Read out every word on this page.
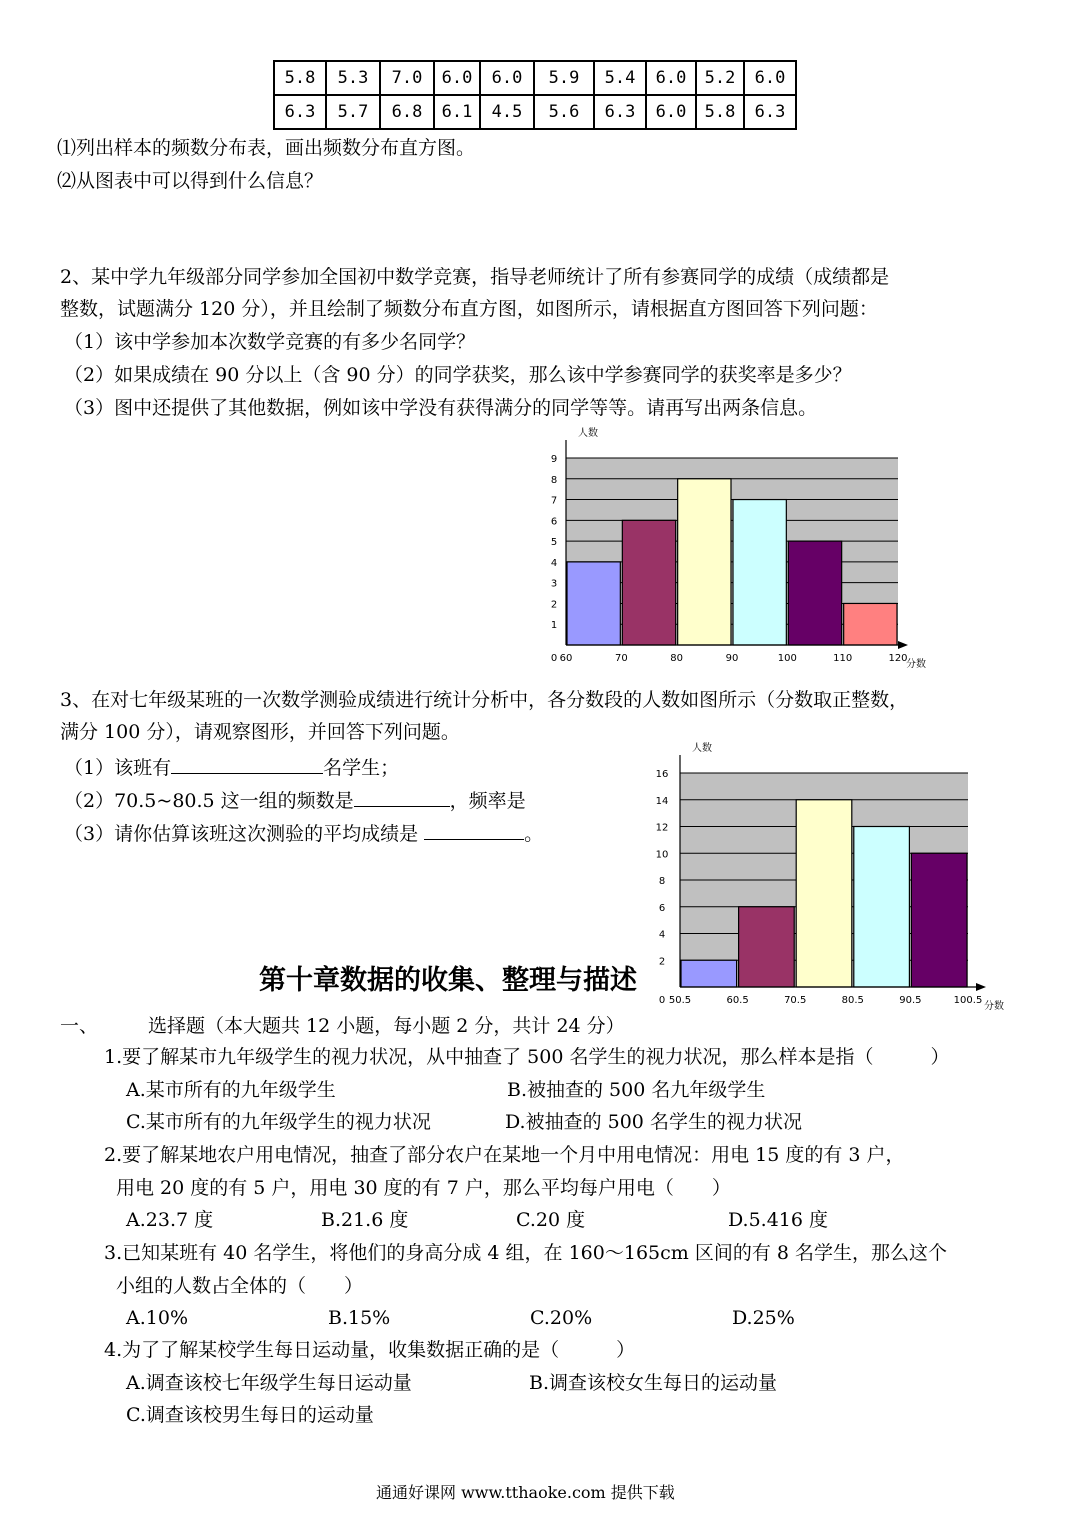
5.8	5.3	7.0	6.0	6.0	5.9	5.4	6.0	5.2	6.0
6.3	5.7	6.8	6.1	4.5	5.6	6.3	6.0	5.8	6.3
⑴列出样本的频数分布表，画出频数分布直方图。
⑵从图表中可以得到什么信息？
2、某中学九年级部分同学参加全国初中数学竞赛，指导老师统计了所有参赛同学的成绩（成绩都是
整数，试题满分 120 分），并且绘制了频数分布直方图，如图所示，请根据直方图回答下列问题：
（1）该中学参加本次数学竞赛的有多少名同学？
（2）如果成绩在 90 分以上（含 90 分）的同学获奖，那么该中学参赛同学的获奖率是多少？
（3）图中还提供了其他数据，例如该中学没有获得满分的同学等等。请再写出两条信息。
0
1
2
3
4
5
6
7
8
9
60	70	80	90	100	110	120
人数
分数
3、在对七年级某班的一次数学测验成绩进行统计分析中，各分数段的人数如图所示（分数取正整数，
满分 100 分），请观察图形，并回答下列问题。
（1）该班有	名学生；
（2）70.5~80.5 这一组的频数是	，频率是
（3）请你估算该班这次测验的平均成绩是	。
第十章数据的收集、整理与描述
0
2
4
6
8
10
12
14
16
50.5	60.5	70.5	80.5	90.5	100.5
人数
分数
一、	选择题（本大题共 12 小题，每小题 2 分，共计 24 分）
1.要了解某市九年级学生的视力状况，从中抽查了 500 名学生的视力状况，那么样本是指（　　　）
A.某市所有的九年级学生	B.被抽查的 500 名九年级学生
C.某市所有的九年级学生的视力状况	D.被抽查的 500 名学生的视力状况
2.要了解某地农户用电情况，抽查了部分农户在某地一个月中用电情况：用电 15 度的有 3 户，
用电 20 度的有 5 户，用电 30 度的有 7 户，那么平均每户用电（　　）
A.23.7 度	B.21.6 度	C.20 度	D.5.416 度
3.已知某班有 40 名学生，将他们的身高分成 4 组，在 160～165cm 区间的有 8 名学生，那么这个
小组的人数占全体的（　　）
A.10%	B.15%	C.20%	D.25%
4.为了了解某校学生每日运动量，收集数据正确的是（　　　）
A.调查该校七年级学生每日运动量	B.调查该校女生每日的运动量
C.调查该校男生每日的运动量
通通好课网 www.tthaoke.com 提供下载
